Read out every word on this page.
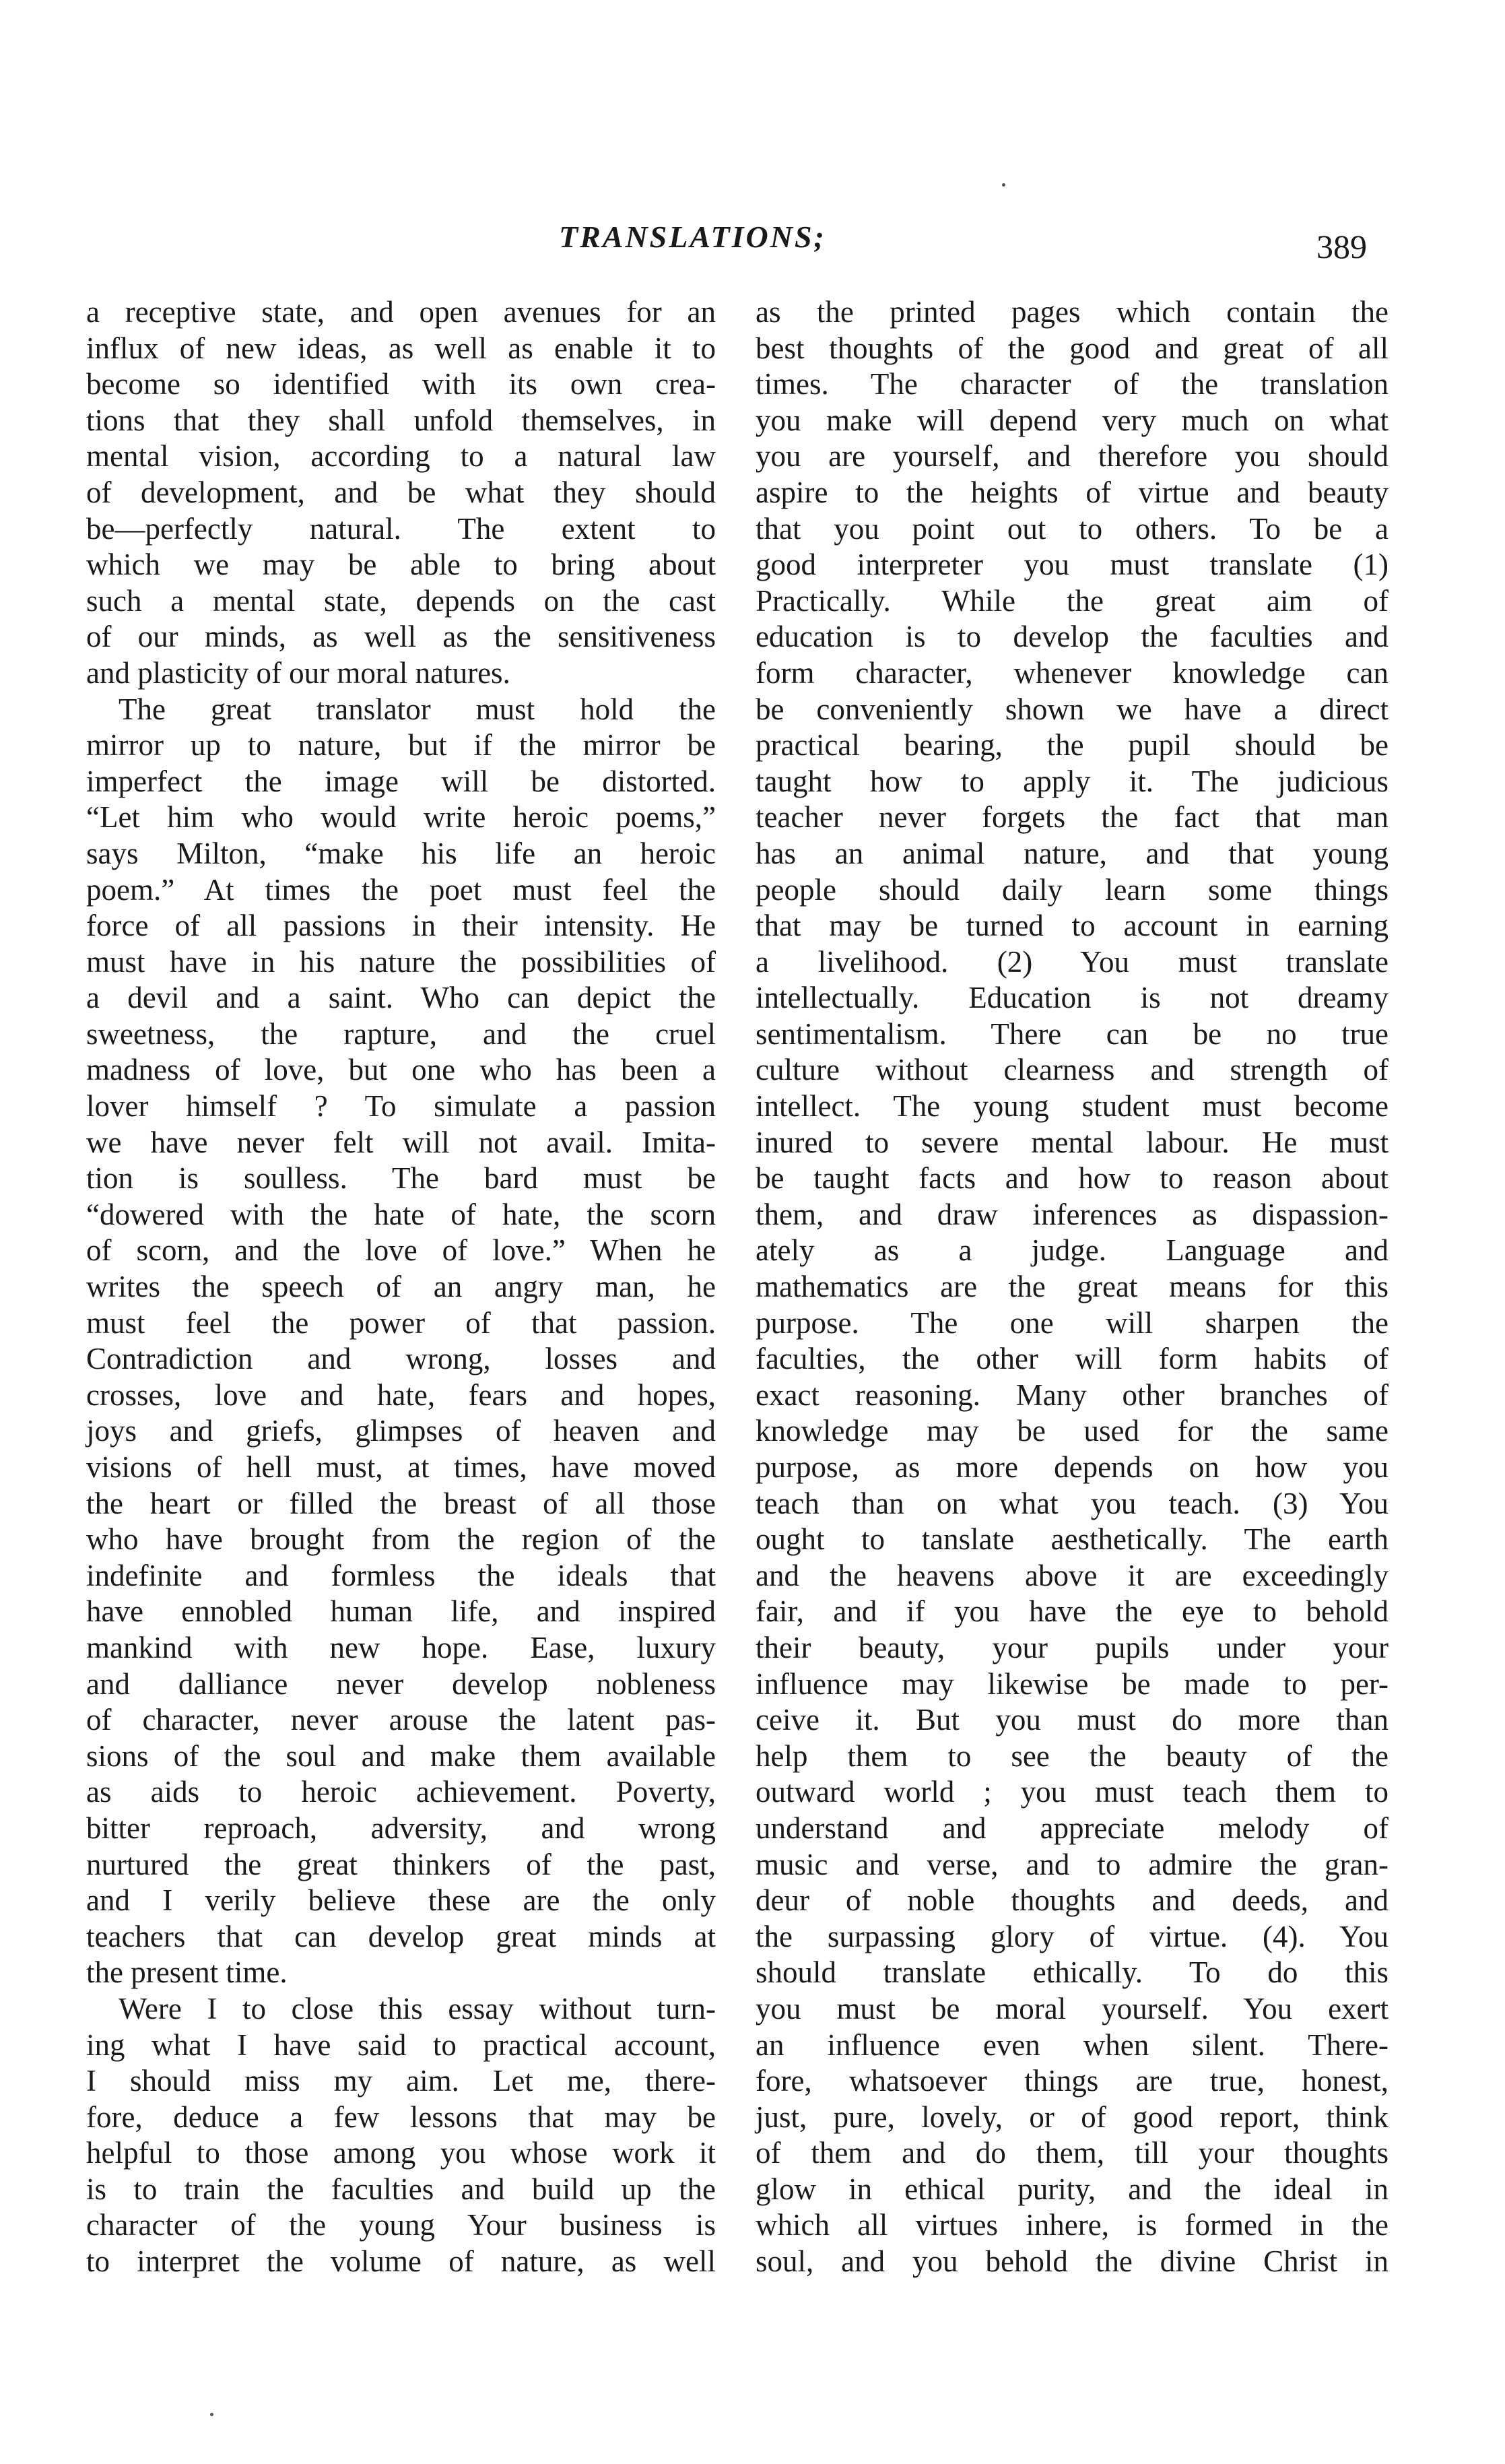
TRANSLATIONS;	389
a receptive state, and open avenues for an
influx of new ideas, as well as enable it to
become so identified with its own crea-
tions that they shall unfold themselves, in
mental vision, according to a natural law
of development, and be what they should
be—perfectly natural. The extent to
which we may be able to bring about
such a mental state, depends on the cast
of our minds, as well as the sensitiveness
and plasticity of our moral natures.
The great translator must hold the
mirror up to nature, but if the mirror be
imperfect the image will be distorted.
“Let him who would write heroic poems,”
says Milton, “make his life an heroic
poem.” At times the poet must feel the
force of all passions in their intensity. He
must have in his nature the possibilities of
a devil and a saint. Who can depict the
sweetness, the rapture, and the cruel
madness of love, but one who has been a
lover himself ? To simulate a passion
we have never felt will not avail. Imita-
tion is soulless. The bard must be
“dowered with the hate of hate, the scorn
of scorn, and the love of love.” When he
writes the speech of an angry man, he
must feel the power of that passion.
Contradiction and wrong, losses and
crosses, love and hate, fears and hopes,
joys and griefs, glimpses of heaven and
visions of hell must, at times, have moved
the heart or filled the breast of all those
who have brought from the region of the
indefinite and formless the ideals that
have ennobled human life, and inspired
mankind with new hope. Ease, luxury
and dalliance never develop nobleness
of character, never arouse the latent pas-
sions of the soul and make them available
as aids to heroic achievement. Poverty,
bitter reproach, adversity, and wrong
nurtured the great thinkers of the past,
and I verily believe these are the only
teachers that can develop great minds at
the present time.
Were I to close this essay without turn-
ing what I have said to practical account,
I should miss my aim. Let me, there-
fore, deduce a few lessons that may be
helpful to those among you whose work it
is to train the faculties and build up the
character of the young Your business is
to interpret the volume of nature, as well
as the printed pages which contain the
best thoughts of the good and great of all
times. The character of the translation
you make will depend very much on what
you are yourself, and therefore you should
aspire to the heights of virtue and beauty
that you point out to others. To be a
good interpreter you must translate (1)
Practically. While the great aim of
education is to develop the faculties and
form character, whenever knowledge can
be conveniently shown we have a direct
practical bearing, the pupil should be
taught how to apply it. The judicious
teacher never forgets the fact that man
has an animal nature, and that young
people should daily learn some things
that may be turned to account in earning
a livelihood. (2) You must translate
intellectually. Education is not dreamy
sentimentalism. There can be no true
culture without clearness and strength of
intellect. The young student must become
inured to severe mental labour. He must
be taught facts and how to reason about
them, and draw inferences as dispassion-
ately as a judge. Language and
mathematics are the great means for this
purpose. The one will sharpen the
faculties, the other will form habits of
exact reasoning. Many other branches of
knowledge may be used for the same
purpose, as more depends on how you
teach than on what you teach. (3) You
ought to tanslate aesthetically. The earth
and the heavens above it are exceedingly
fair, and if you have the eye to behold
their beauty, your pupils under your
influence may likewise be made to per-
ceive it. But you must do more than
help them to see the beauty of the
outward world ; you must teach them to
understand and appreciate melody of
music and verse, and to admire the gran-
deur of noble thoughts and deeds, and
the surpassing glory of virtue. (4). You
should translate ethically. To do this
you must be moral yourself. You exert
an influence even when silent. There-
fore, whatsoever things are true, honest,
just, pure, lovely, or of good report, think
of them and do them, till your thoughts
glow in ethical purity, and the ideal in
which all virtues inhere, is formed in the
soul, and you behold the divine Christ in
